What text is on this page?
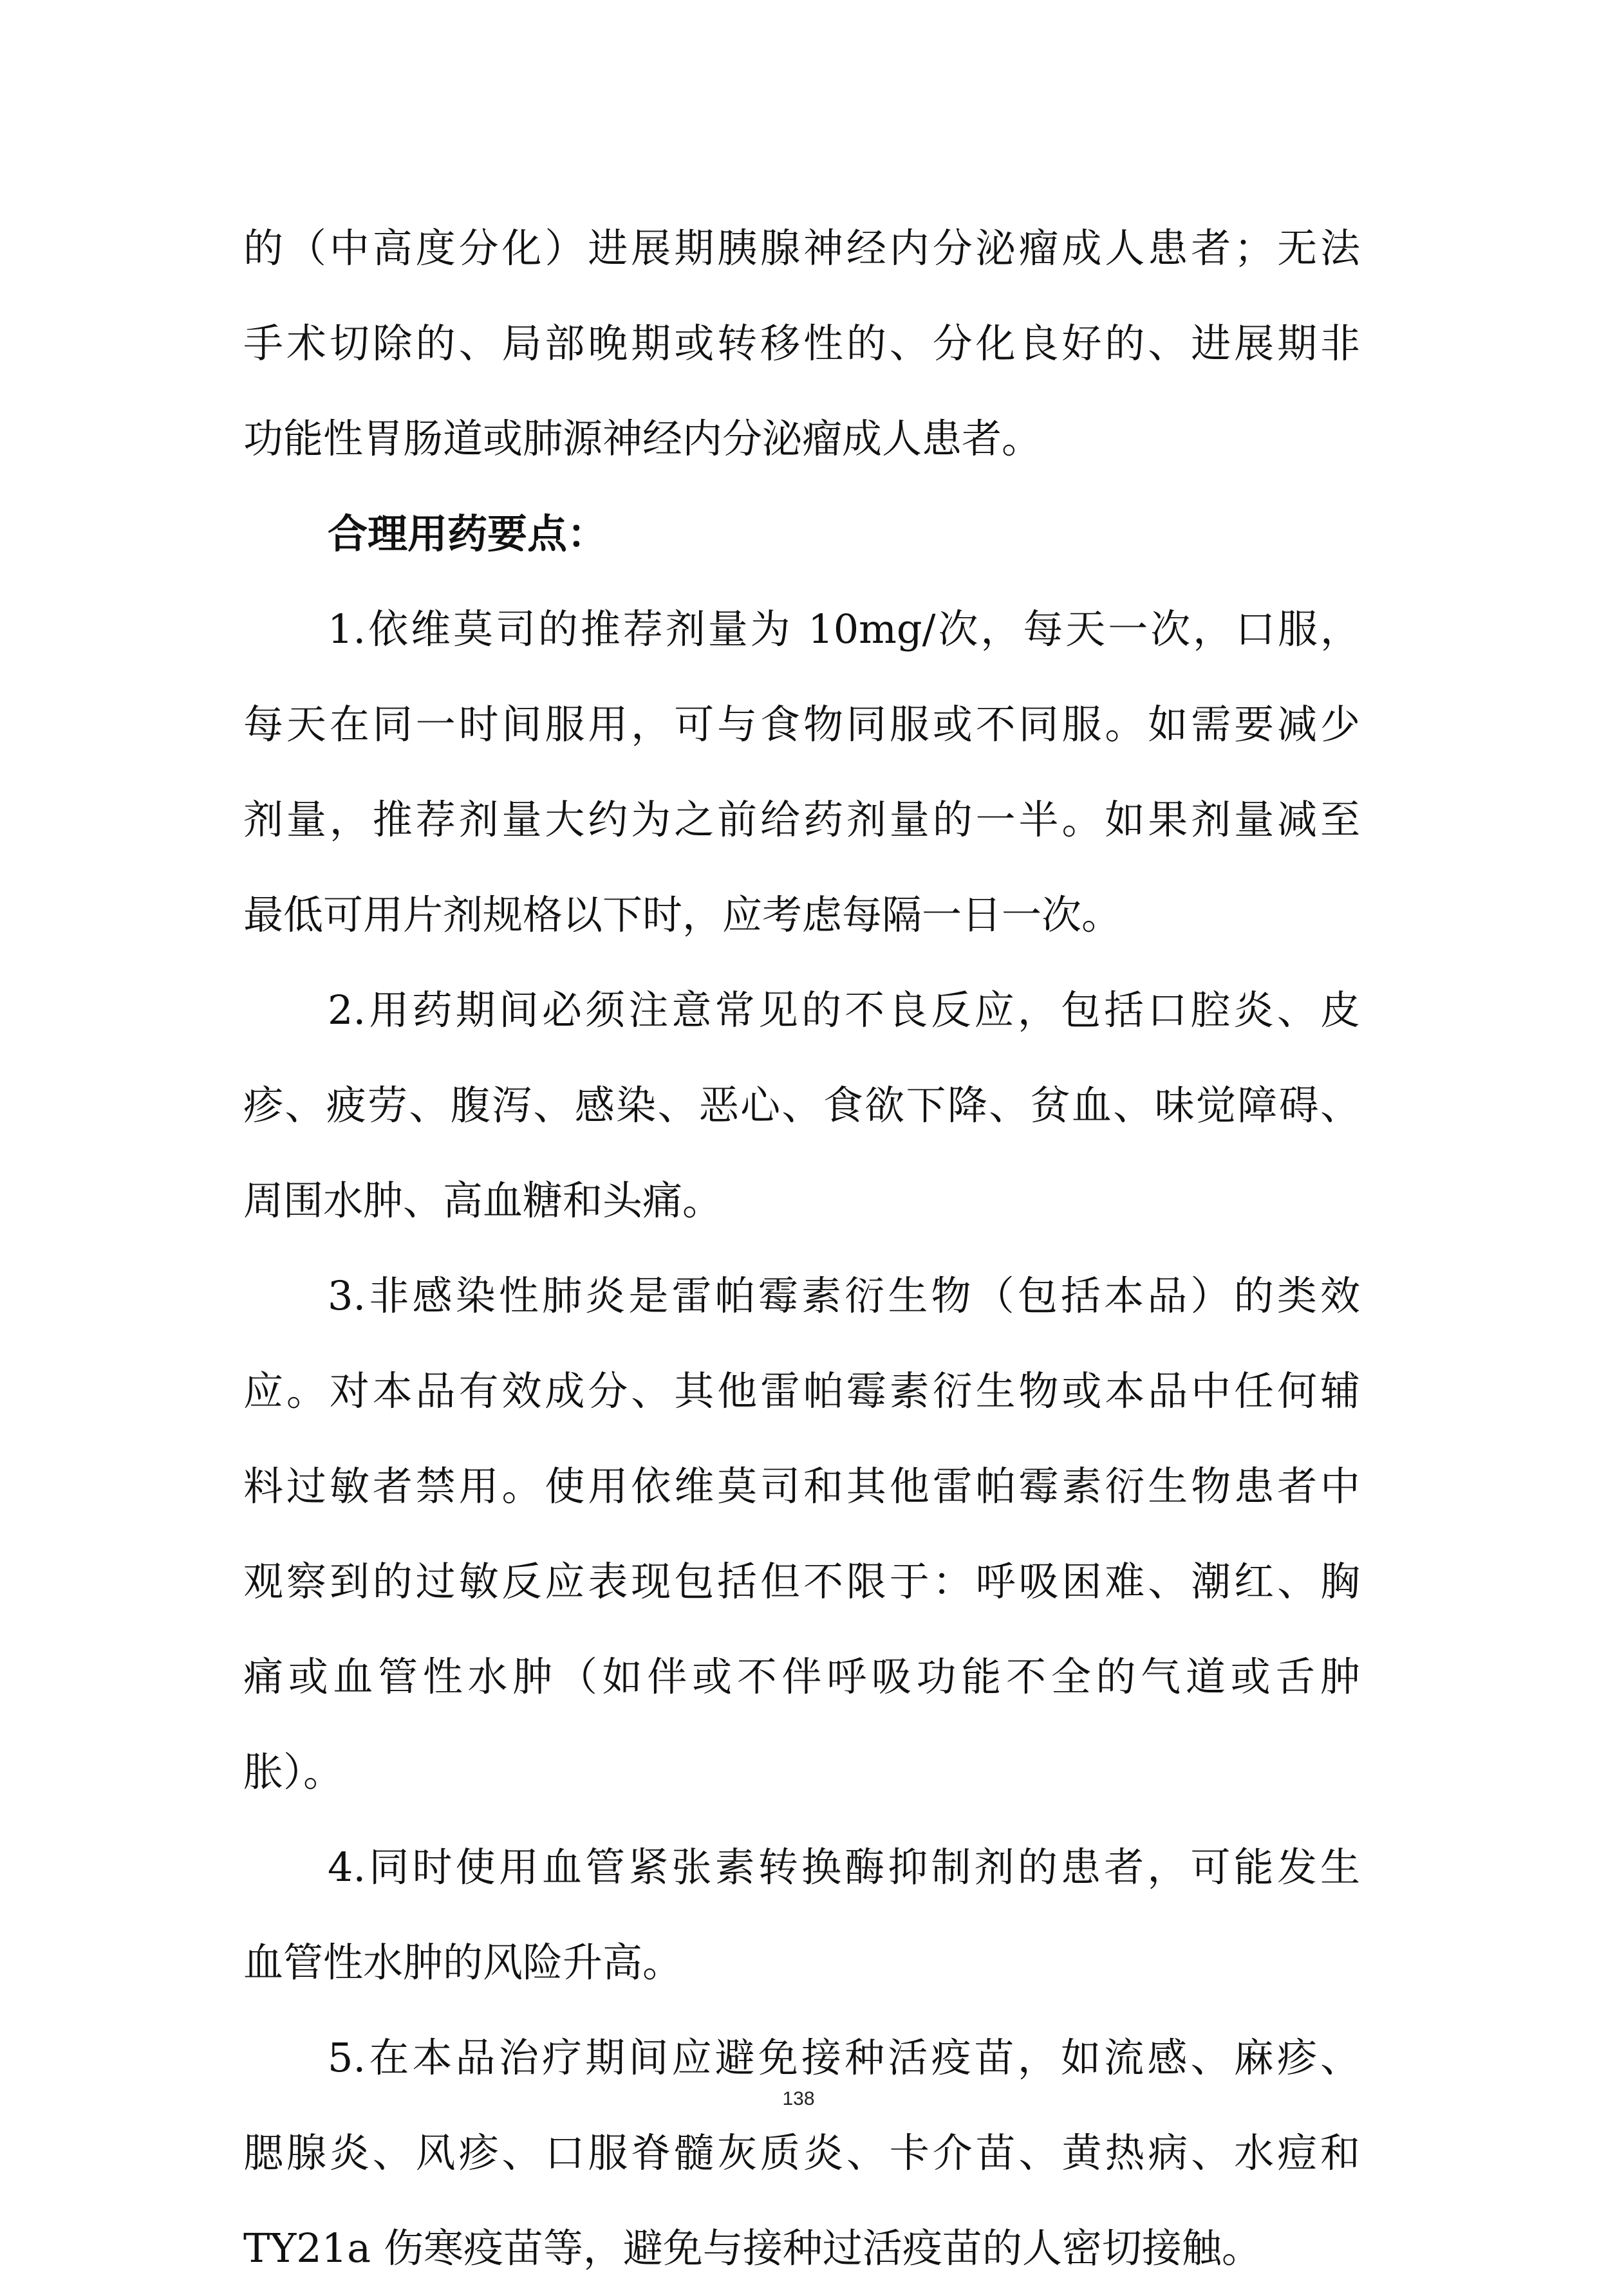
的（中高度分化）进展期胰腺神经内分泌瘤成人患者；无法
手术切除的、局部晚期或转移性的、分化良好的、进展期非
功能性胃肠道或肺源神经内分泌瘤成人患者。
合理用药要点：
1.依维莫司的推荐剂量为 10mg/次，每天一次，口服，
每天在同一时间服用，可与食物同服或不同服。如需要减少
剂量，推荐剂量大约为之前给药剂量的一半。如果剂量减至
最低可用片剂规格以下时，应考虑每隔一日一次。
2.用药期间必须注意常见的不良反应，包括口腔炎、皮
疹、疲劳、腹泻、感染、恶心、食欲下降、贫血、味觉障碍、
周围水肿、高血糖和头痛。
3.非感染性肺炎是雷帕霉素衍生物（包括本品）的类效
应。对本品有效成分、其他雷帕霉素衍生物或本品中任何辅
料过敏者禁用。使用依维莫司和其他雷帕霉素衍生物患者中
观察到的过敏反应表现包括但不限于：呼吸困难、潮红、胸
痛或血管性水肿（如伴或不伴呼吸功能不全的气道或舌肿
胀）。
4.同时使用血管紧张素转换酶抑制剂的患者，可能发生
血管性水肿的风险升高。
5.在本品治疗期间应避免接种活疫苗，如流感、麻疹、
腮腺炎、风疹、口服脊髓灰质炎、卡介苗、黄热病、水痘和
TY21a 伤寒疫苗等，避免与接种过活疫苗的人密切接触。
138
